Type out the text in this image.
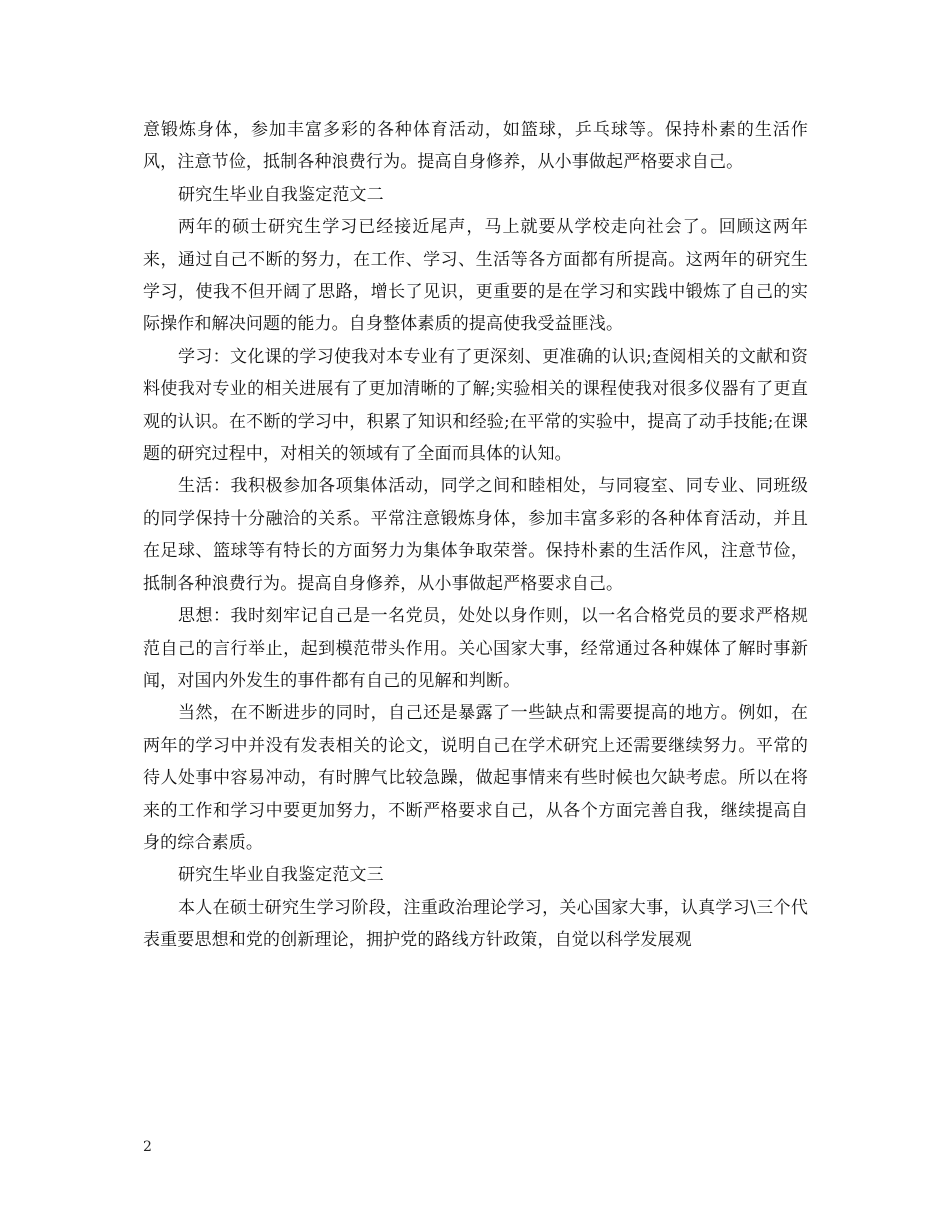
意锻炼身体，参加丰富多彩的各种体育活动，如篮球，乒乓球等。保持朴素的生活作风，注意节俭，抵制各种浪费行为。提高自身修养，从小事做起严格要求自己。

研究生毕业自我鉴定范文二

两年的硕士研究生学习已经接近尾声，马上就要从学校走向社会了。回顾这两年来，通过自己不断的努力，在工作、学习、生活等各方面都有所提高。这两年的研究生学习，使我不但开阔了思路，增长了见识，更重要的是在学习和实践中锻炼了自己的实际操作和解决问题的能力。自身整体素质的提高使我受益匪浅。

学习：文化课的学习使我对本专业有了更深刻、更准确的认识;查阅相关的文献和资料使我对专业的相关进展有了更加清晰的了解;实验相关的课程使我对很多仪器有了更直观的认识。在不断的学习中，积累了知识和经验;在平常的实验中，提高了动手技能;在课题的研究过程中，对相关的领域有了全面而具体的认知。

生活：我积极参加各项集体活动，同学之间和睦相处，与同寝室、同专业、同班级的同学保持十分融洽的关系。平常注意锻炼身体，参加丰富多彩的各种体育活动，并且在足球、篮球等有特长的方面努力为集体争取荣誉。保持朴素的生活作风，注意节俭，抵制各种浪费行为。提高自身修养，从小事做起严格要求自己。

思想：我时刻牢记自己是一名党员，处处以身作则，以一名合格党员的要求严格规范自己的言行举止，起到模范带头作用。关心国家大事，经常通过各种媒体了解时事新闻，对国内外发生的事件都有自己的见解和判断。

当然，在不断进步的同时，自己还是暴露了一些缺点和需要提高的地方。例如，在两年的学习中并没有发表相关的论文，说明自己在学术研究上还需要继续努力。平常的待人处事中容易冲动，有时脾气比较急躁，做起事情来有些时候也欠缺考虑。所以在将来的工作和学习中要更加努力，不断严格要求自己，从各个方面完善自我，继续提高自身的综合素质。

研究生毕业自我鉴定范文三

本人在硕士研究生学习阶段，注重政治理论学习，关心国家大事，认真学习\三个代表重要思想和党的创新理论，拥护党的路线方针政策，自觉以科学发展观

2
